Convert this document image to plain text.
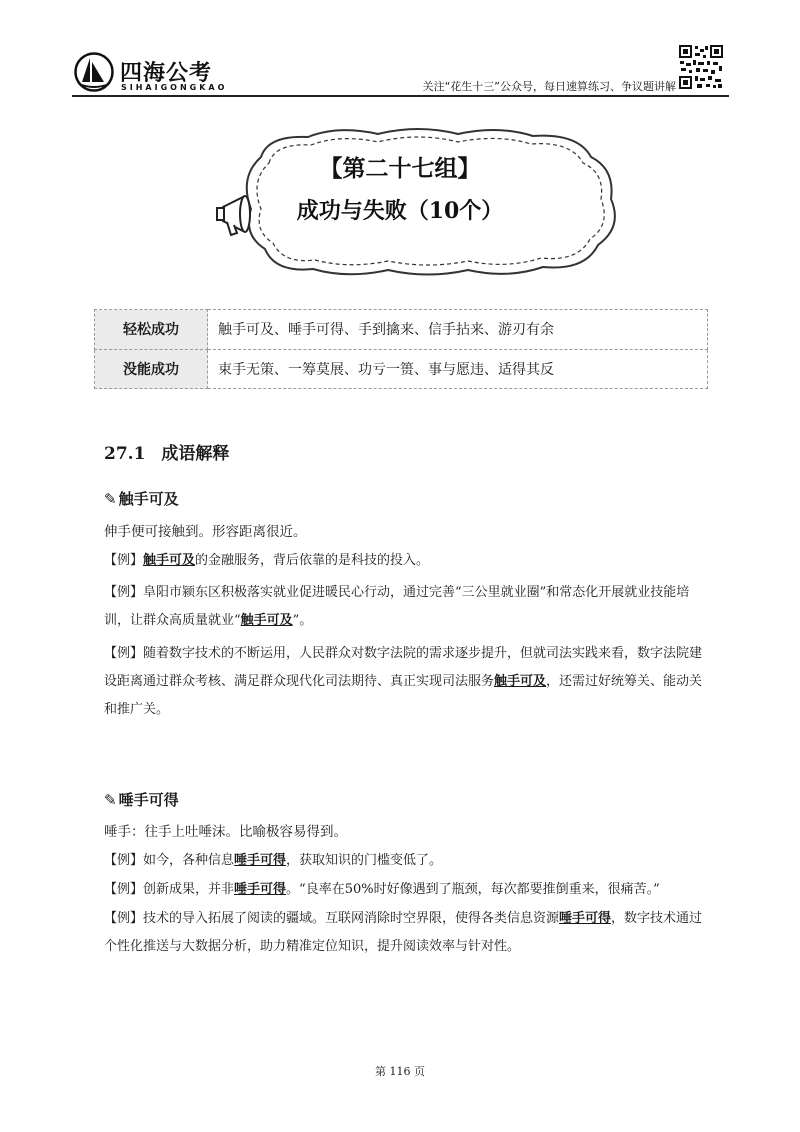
四海公考
SIHAIGONGKAO	关注“花生十三”公众号，每日速算练习、争议题讲解
【第二十七组】
成功与失败（10个）
轻松成功	触手可及、唾手可得、手到擒来、信手拈来、游刃有余
没能成功	束手无策、一筹莫展、功亏一篑、事与愿违、适得其反
27.1 成语解释
✎ 触手可及
伸手便可接触到。形容距离很近。
【例】触手可及的金融服务，背后依靠的是科技的投入。
【例】阜阳市颍东区积极落实就业促进暖民心行动，通过完善“三公里就业圈”和常态化开展就业技能培训，让群众高质量就业“触手可及”。
【例】随着数字技术的不断运用，人民群众对数字法院的需求逐步提升，但就司法实践来看，数字法院建设距离通过群众考核、满足群众现代化司法期待、真正实现司法服务触手可及，还需过好统筹关、能动关和推广关。
✎ 唾手可得
唾手：往手上吐唾沫。比喻极容易得到。
【例】如今，各种信息唾手可得，获取知识的门槛变低了。
【例】创新成果，并非唾手可得。“良率在50%时好像遇到了瓶颈，每次都要推倒重来，很痛苦。”
【例】技术的导入拓展了阅读的疆域。互联网消除时空界限，使得各类信息资源唾手可得，数字技术通过个性化推送与大数据分析，助力精准定位知识，提升阅读效率与针对性。
第 116 页
